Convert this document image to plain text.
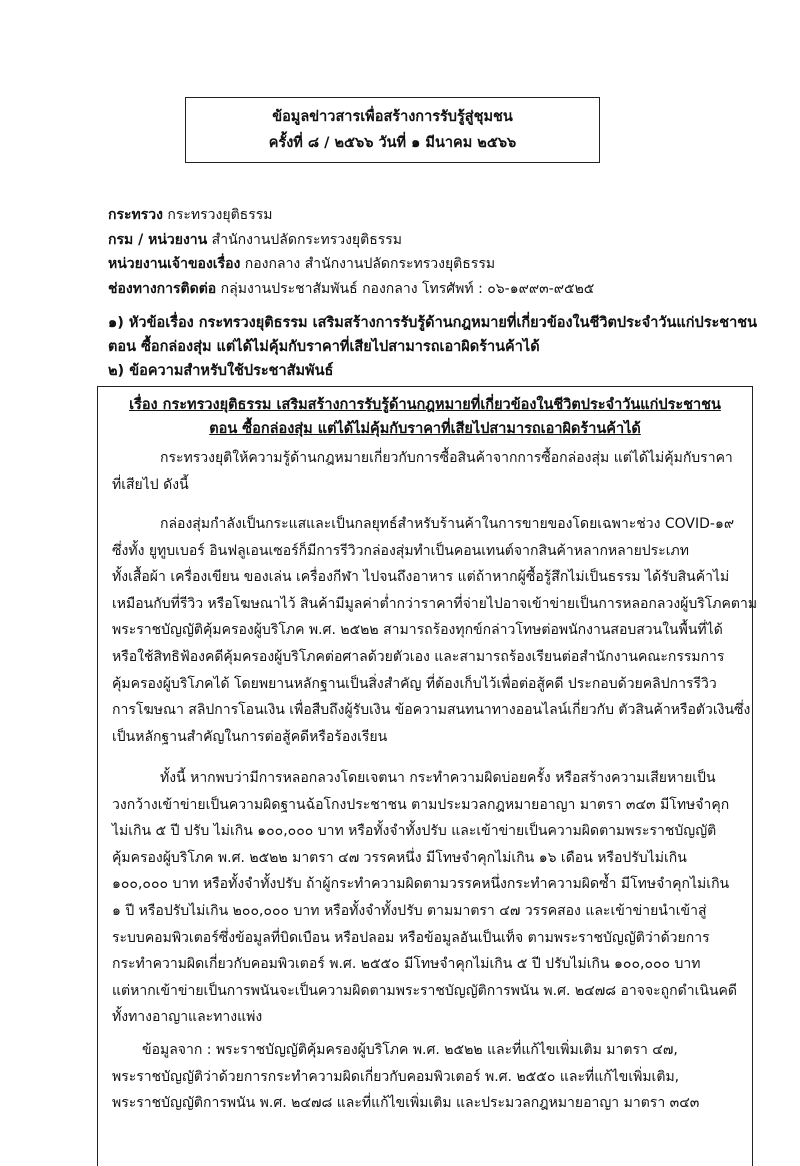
ข้อมูลข่าวสารเพื่อสร้างการรับรู้สู่ชุมชน
ครั้งที่ ๘ / ๒๕๖๖ วันที่ ๑ มีนาคม ๒๕๖๖
กระทรวง กระทรวงยุติธรรม
กรม / หน่วยงาน สำนักงานปลัดกระทรวงยุติธรรม
หน่วยงานเจ้าของเรื่อง กองกลาง สำนักงานปลัดกระทรวงยุติธรรม
ช่องทางการติดต่อ กลุ่มงานประชาสัมพันธ์ กองกลาง โทรศัพท์ : ๐๖-๑๙๙๓-๙๕๒๕
๑) หัวข้อเรื่อง กระทรวงยุติธรรม เสริมสร้างการรับรู้ด้านกฎหมายที่เกี่ยวข้องในชีวิตประจำวันแก่ประชาชน
ตอน ซื้อกล่องสุ่ม แต่ได้ไม่คุ้มกับราคาที่เสียไปสามารถเอาผิดร้านค้าได้
๒) ข้อความสำหรับใช้ประชาสัมพันธ์
เรื่อง กระทรวงยุติธรรม เสริมสร้างการรับรู้ด้านกฎหมายที่เกี่ยวข้องในชีวิตประจำวันแก่ประชาชน
ตอน ซื้อกล่องสุ่ม แต่ได้ไม่คุ้มกับราคาที่เสียไปสามารถเอาผิดร้านค้าได้
กระทรวงยุติให้ความรู้ด้านกฎหมายเกี่ยวกับการซื้อสินค้าจากการซื้อกล่องสุ่ม แต่ได้ไม่คุ้มกับราคา
ที่เสียไป ดังนี้
กล่องสุ่มกำลังเป็นกระแสและเป็นกลยุทธ์สำหรับร้านค้าในการขายของโดยเฉพาะช่วง COVID-๑๙
ซึ่งทั้ง ยูทูบเบอร์ อินฟลูเอนเซอร์ก็มีการรีวิวกล่องสุ่มทำเป็นคอนเทนต์จากสินค้าหลากหลายประเภท
ทั้งเสื้อผ้า เครื่องเขียน ของเล่น เครื่องกีฬา ไปจนถึงอาหาร แต่ถ้าหากผู้ซื้อรู้สึกไม่เป็นธรรม ได้รับสินค้าไม่
เหมือนกับที่รีวิว หรือโฆษณาไว้ สินค้ามีมูลค่าต่ำกว่าราคาที่จ่ายไปอาจเข้าข่ายเป็นการหลอกลวงผู้บริโภคตาม
พระราชบัญญัติคุ้มครองผู้บริโภค พ.ศ. ๒๕๒๒ สามารถร้องทุกข์กล่าวโทษต่อพนักงานสอบสวนในพื้นที่ได้
หรือใช้สิทธิฟ้องคดีคุ้มครองผู้บริโภคต่อศาลด้วยตัวเอง และสามารถร้องเรียนต่อสำนักงานคณะกรรมการ
คุ้มครองผู้บริโภคได้ โดยพยานหลักฐานเป็นสิ่งสำคัญ ที่ต้องเก็บไว้เพื่อต่อสู้คดี ประกอบด้วยคลิปการรีวิว
การโฆษณา สลิปการโอนเงิน เพื่อสืบถึงผู้รับเงิน ข้อความสนทนาทางออนไลน์เกี่ยวกับ ตัวสินค้าหรือตัวเงินซึ่ง
เป็นหลักฐานสำคัญในการต่อสู้คดีหรือร้องเรียน
ทั้งนี้ หากพบว่ามีการหลอกลวงโดยเจตนา กระทำความผิดบ่อยครั้ง หรือสร้างความเสียหายเป็น
วงกว้างเข้าข่ายเป็นความผิดฐานฉ้อโกงประชาชน ตามประมวลกฎหมายอาญา มาตรา ๓๔๓ มีโทษจำคุก
ไม่เกิน ๕ ปี ปรับ ไม่เกิน ๑๐๐,๐๐๐ บาท หรือทั้งจำทั้งปรับ และเข้าข่ายเป็นความผิดตามพระราชบัญญัติ
คุ้มครองผู้บริโภค พ.ศ. ๒๕๒๒ มาตรา ๔๗ วรรคหนึ่ง มีโทษจำคุกไม่เกิน ๑๖ เดือน หรือปรับไม่เกิน
๑๐๐,๐๐๐ บาท หรือทั้งจำทั้งปรับ ถ้าผู้กระทำความผิดตามวรรคหนึ่งกระทำความผิดซ้ำ มีโทษจำคุกไม่เกิน
๑ ปี หรือปรับไม่เกิน ๒๐๐,๐๐๐ บาท หรือทั้งจำทั้งปรับ ตามมาตรา ๔๗ วรรคสอง และเข้าข่ายนำเข้าสู่
ระบบคอมพิวเตอร์ซึ่งข้อมูลที่บิดเบือน หรือปลอม หรือข้อมูลอันเป็นเท็จ ตามพระราชบัญญัติว่าด้วยการ
กระทำความผิดเกี่ยวกับคอมพิวเตอร์ พ.ศ. ๒๕๕๐ มีโทษจำคุกไม่เกิน ๕ ปี ปรับไม่เกิน ๑๐๐,๐๐๐ บาท
แต่หากเข้าข่ายเป็นการพนันจะเป็นความผิดตามพระราชบัญญัติการพนัน พ.ศ. ๒๔๗๘ อาจจะถูกดำเนินคดี
ทั้งทางอาญาและทางแพ่ง
ข้อมูลจาก : พระราชบัญญัติคุ้มครองผู้บริโภค พ.ศ. ๒๕๒๒ และที่แก้ไขเพิ่มเติม มาตรา ๔๗,
พระราชบัญญัติว่าด้วยการกระทำความผิดเกี่ยวกับคอมพิวเตอร์ พ.ศ. ๒๕๕๐ และที่แก้ไขเพิ่มเติม,
พระราชบัญญัติการพนัน พ.ศ. ๒๔๗๘ และที่แก้ไขเพิ่มเติม และประมวลกฎหมายอาญา มาตรา ๓๔๓
